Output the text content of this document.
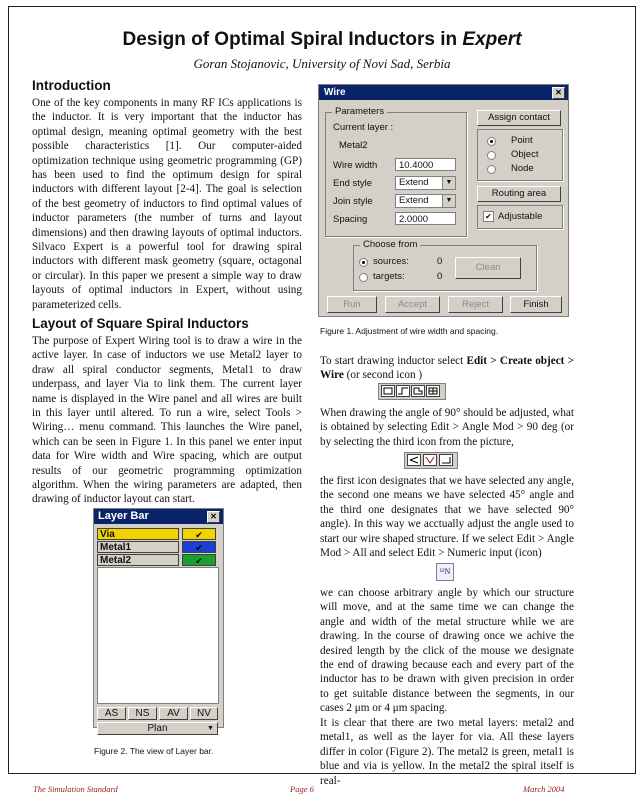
Design of Optimal Spiral Inductors in Expert
Goran Stojanovic, University of Novi Sad, Serbia
Introduction
One of the key components in many RF ICs applications is the inductor. It is very important that the inductor has optimal design, meaning optimal geometry with the best possible characteristics [1]. Our computer-aided optimization technique using geometric programming (GP) has been used to find the optimum design for spiral inductors with different layout [2-4]. The goal is selection of the best geometry of inductors to find optimal values of inductor parameters (the number of turns and layout dimensions) and then drawing layouts of optimal inductors. Silvaco Expert is a powerful tool for drawing spiral inductors with different mask geometry (square, octagonal or circular). In this paper we present a simple way to draw layouts of optimal inductors in Expert, without using parameterized cells.
Layout of Square Spiral Inductors
The purpose of Expert Wiring tool is to draw a wire in the active layer. In case of inductors we use Metal2 layer to draw all spiral conductor segments, Metal1 to draw underpass, and layer Via to link them. The current layer name is displayed in the Wire panel and all wires are built in this layer until altered. To run a wire, select Tools > Wiring… menu command. This launches the Wire panel, which can be seen in Figure 1. In this panel we enter input data for Wire width and Wire spacing, which are output results of our geometric programming optimization algorithm. When the wiring parameters are adapted, then drawing of inductor layout can start.
Wire	✕
Parameters
Current layer :
Metal2
Wire width	10.4000
End style	Extend	▼
Join style	Extend	▼
Spacing	2.0000
Assign contact
Point
Object
Node
Routing area
✔ Adjustable
Choose from
sources:	0
targets:	0
Clean
Run	Accept	Reject	Finish
Figure 1. Adjustment of wire width and spacing.
To start drawing inductor select Edit > Create object > Wire (or second icon )
When drawing the angle of 90° should be adjusted, what is obtained by selecting Edit > Angle Mod > 90 deg (or by selecting the third icon from the picture,
the first icon designates that we have selected any angle, the second one means we have selected 45° angle and the third one designates that we have selected 90° angle). In this way we acctually adjust the angle used to start our wire shaped structure. If we select Edit > Angle Mod > All and select Edit > Numeric input (icon)
¹²N
we can choose arbitrary angle by which our structure will move, and at the same time we can change the angle and width of the metal structure while we are drawing. In the course of drawing once we achive the desired length by the click of the mouse we designate the end of drawing because each and every part of the inductor has to be drawn with given precision in order to get suitable distance between the segments, in our cases 2 μm or 4 μm spacing.
It is clear that there are two metal layers: metal2 and metal1, as well as the layer for via. All these layers differ in color (Figure 2). The metal2 is green, metal1 is blue and via is yellow. In the metal2 the spiral itself is real-
Layer Bar	✕
Via	✔
Metal1	✔
Metal2	✔
AS	NS	AV	NV
Plan	▼
Figure 2. The view of Layer bar.
The Simulation Standard	Page 6	March 2004
